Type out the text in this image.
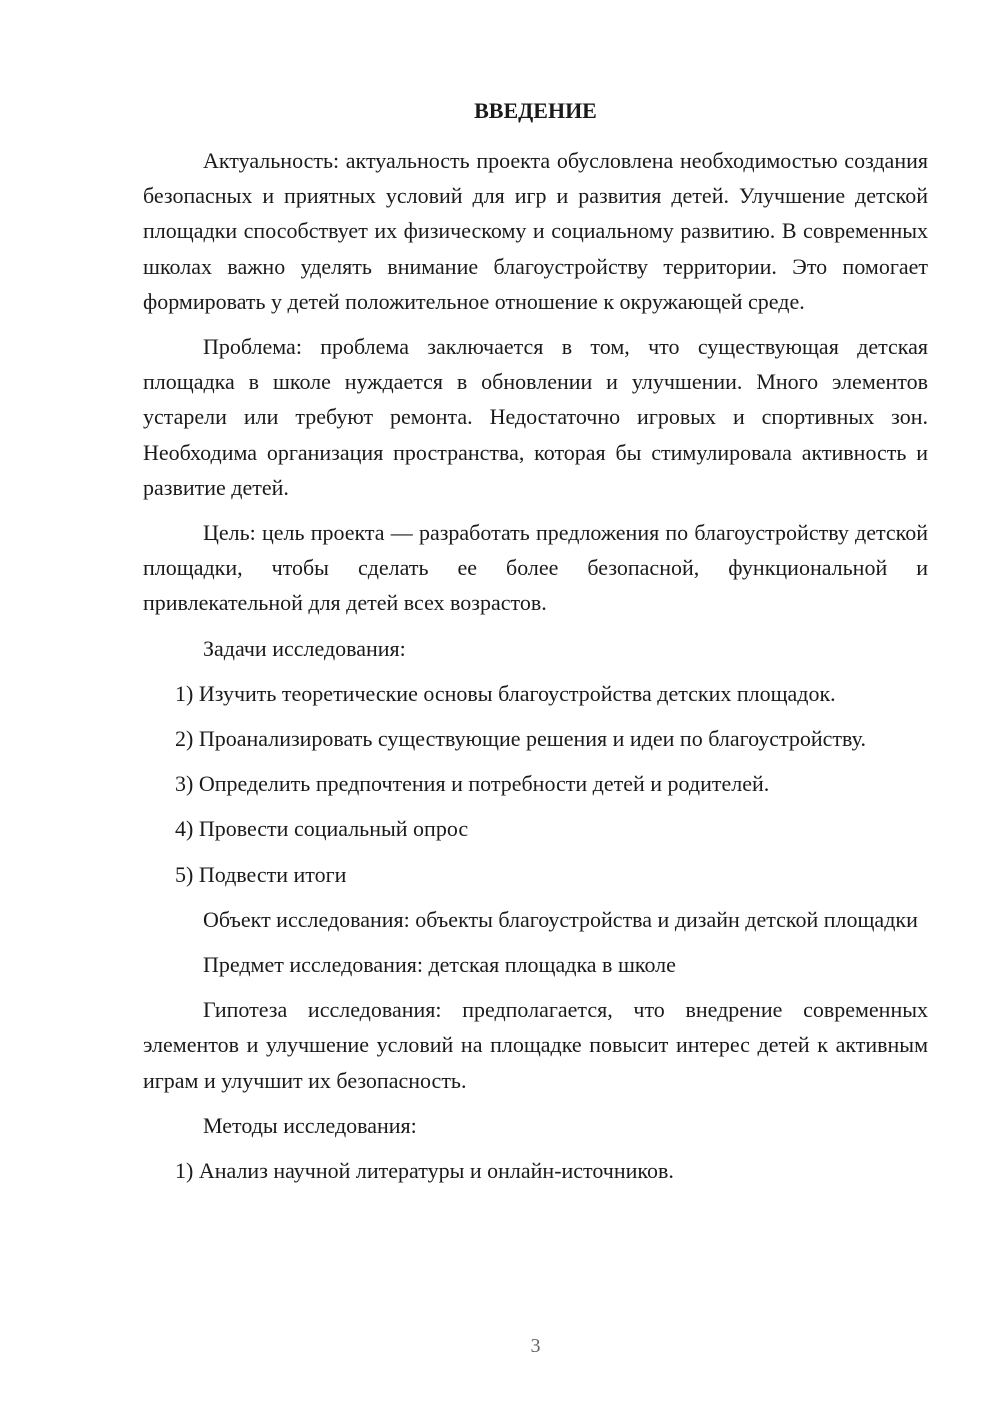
ВВЕДЕНИЕ

Актуальность: актуальность проекта обусловлена необходимостью создания безопасных и приятных условий для игр и развития детей. Улучшение детской площадки способствует их физическому и социальному развитию. В современных школах важно уделять внимание благоустройству территории. Это помогает формировать у детей положительное отношение к окружающей среде.

Проблема: проблема заключается в том, что существующая детская площадка в школе нуждается в обновлении и улучшении. Много элементов устарели или требуют ремонта. Недостаточно игровых и спортивных зон. Необходима организация пространства, которая бы стимулировала активность и развитие детей.

Цель: цель проекта — разработать предложения по благоустройству детской площадки, чтобы сделать ее более безопасной, функциональной и привлекательной для детей всех возрастов.

Задачи исследования:

1) Изучить теоретические основы благоустройства детских площадок.

2) Проанализировать существующие решения и идеи по благоустройству.

3) Определить предпочтения и потребности детей и родителей.

4) Провести социальный опрос

5) Подвести итоги

Объект исследования: объекты благоустройства и дизайн детской площадки

Предмет исследования: детская площадка в школе

Гипотеза исследования: предполагается, что внедрение современных элементов и улучшение условий на площадке повысит интерес детей к активным играм и улучшит их безопасность.

Методы исследования:

1) Анализ научной литературы и онлайн-источников.

3
